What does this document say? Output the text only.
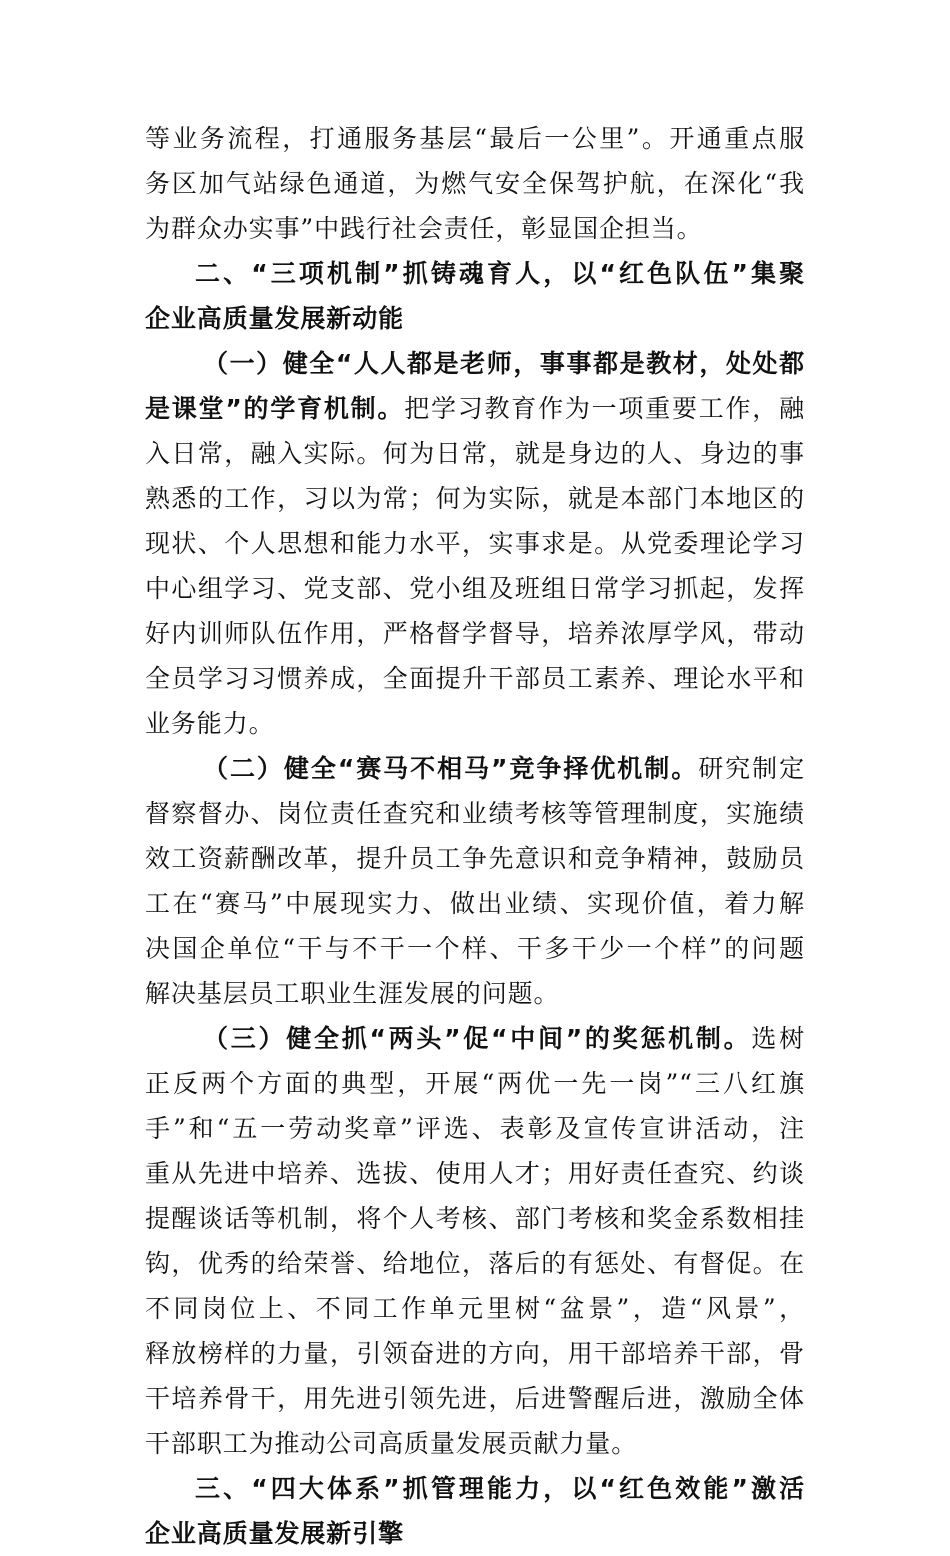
等业务流程，打通服务基层“最后一公里”。开通重点服
务区加气站绿色通道，为燃气安全保驾护航，在深化“我
为群众办实事”中践行社会责任，彰显国企担当。
二、“三项机制”抓铸魂育人，以“红色队伍”集聚
企业高质量发展新动能
（一）健全“人人都是老师，事事都是教材，处处都
是课堂”的学育机制。把学习教育作为一项重要工作，融
入日常，融入实际。何为日常，就是身边的人、身边的事
熟悉的工作，习以为常；何为实际，就是本部门本地区的
现状、个人思想和能力水平，实事求是。从党委理论学习
中心组学习、党支部、党小组及班组日常学习抓起，发挥
好内训师队伍作用，严格督学督导，培养浓厚学风，带动
全员学习习惯养成，全面提升干部员工素养、理论水平和
业务能力。
（二）健全“赛马不相马”竞争择优机制。研究制定
督察督办、岗位责任查究和业绩考核等管理制度，实施绩
效工资薪酬改革，提升员工争先意识和竞争精神，鼓励员
工在“赛马”中展现实力、做出业绩、实现价值，着力解
决国企单位“干与不干一个样、干多干少一个样”的问题
解决基层员工职业生涯发展的问题。
（三）健全抓“两头”促“中间”的奖惩机制。选树
正反两个方面的典型，开展“两优一先一岗”“三八红旗
手”和“五一劳动奖章”评选、表彰及宣传宣讲活动，注
重从先进中培养、选拔、使用人才；用好责任查究、约谈
提醒谈话等机制，将个人考核、部门考核和奖金系数相挂
钩，优秀的给荣誉、给地位，落后的有惩处、有督促。在
不同岗位上、不同工作单元里树“盆景”，造“风景”，
释放榜样的力量，引领奋进的方向，用干部培养干部，骨
干培养骨干，用先进引领先进，后进警醒后进，激励全体
干部职工为推动公司高质量发展贡献力量。
三、“四大体系”抓管理能力，以“红色效能”激活
企业高质量发展新引擎
